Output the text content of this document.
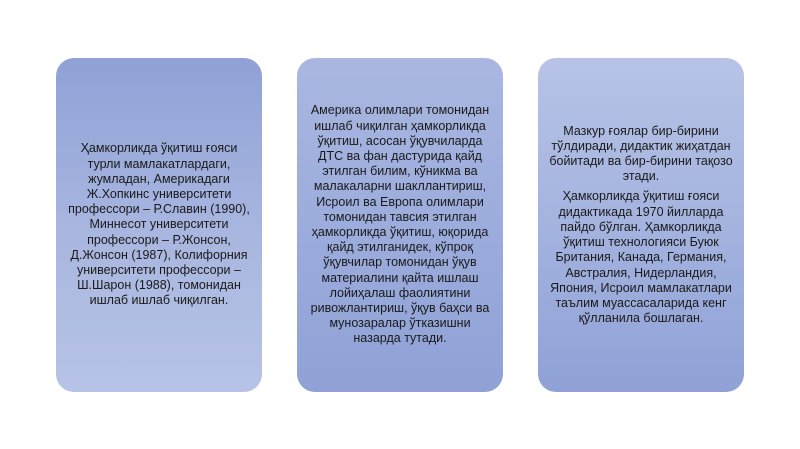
Ҳамкорликда ўқитиш ғояси турли мамлакатлардаги, жумладан, Америкадаги Ж.Хопкинс университети профессори – Р.Славин (1990), Миннесот университети профессори – Р.Жонсон, Д.Жонсон (1987), Колифорния университети профессори – Ш.Шарон (1988), томонидан ишлаб ишлаб чиқилган.

Америка олимлари томонидан ишлаб чиқилган ҳамкорликда ўқитиш, асосан ўқувчиларда ДТС ва фан дастурида қайд этилган билим, кўникма ва малакаларни шакллантириш, Исроил ва Европа олимлари томонидан тавсия этилган ҳамкорликда ўқитиш, юқорида қайд этилганидек, кўпроқ ўқувчилар томонидан ўқув материалини қайта ишлаш лойиҳалаш фаолиятини ривожлантириш, ўқув баҳси ва мунозаралар ўтказишни назарда тутади.

Мазкур ғоялар бир-бирини тўлдиради, дидактик жиҳатдан бойитади ва бир-бирини тақозо этади.

Ҳамкорликда ўқитиш ғояси дидактикада 1970 йилларда пайдо бўлган. Ҳамкорликда ўқитиш технологияси Буюк Британия, Канада, Германия, Австралия, Нидерландия, Япония, Исроил мамлакатлари таълим муассасаларида кенг қўлланила бошлаган.
